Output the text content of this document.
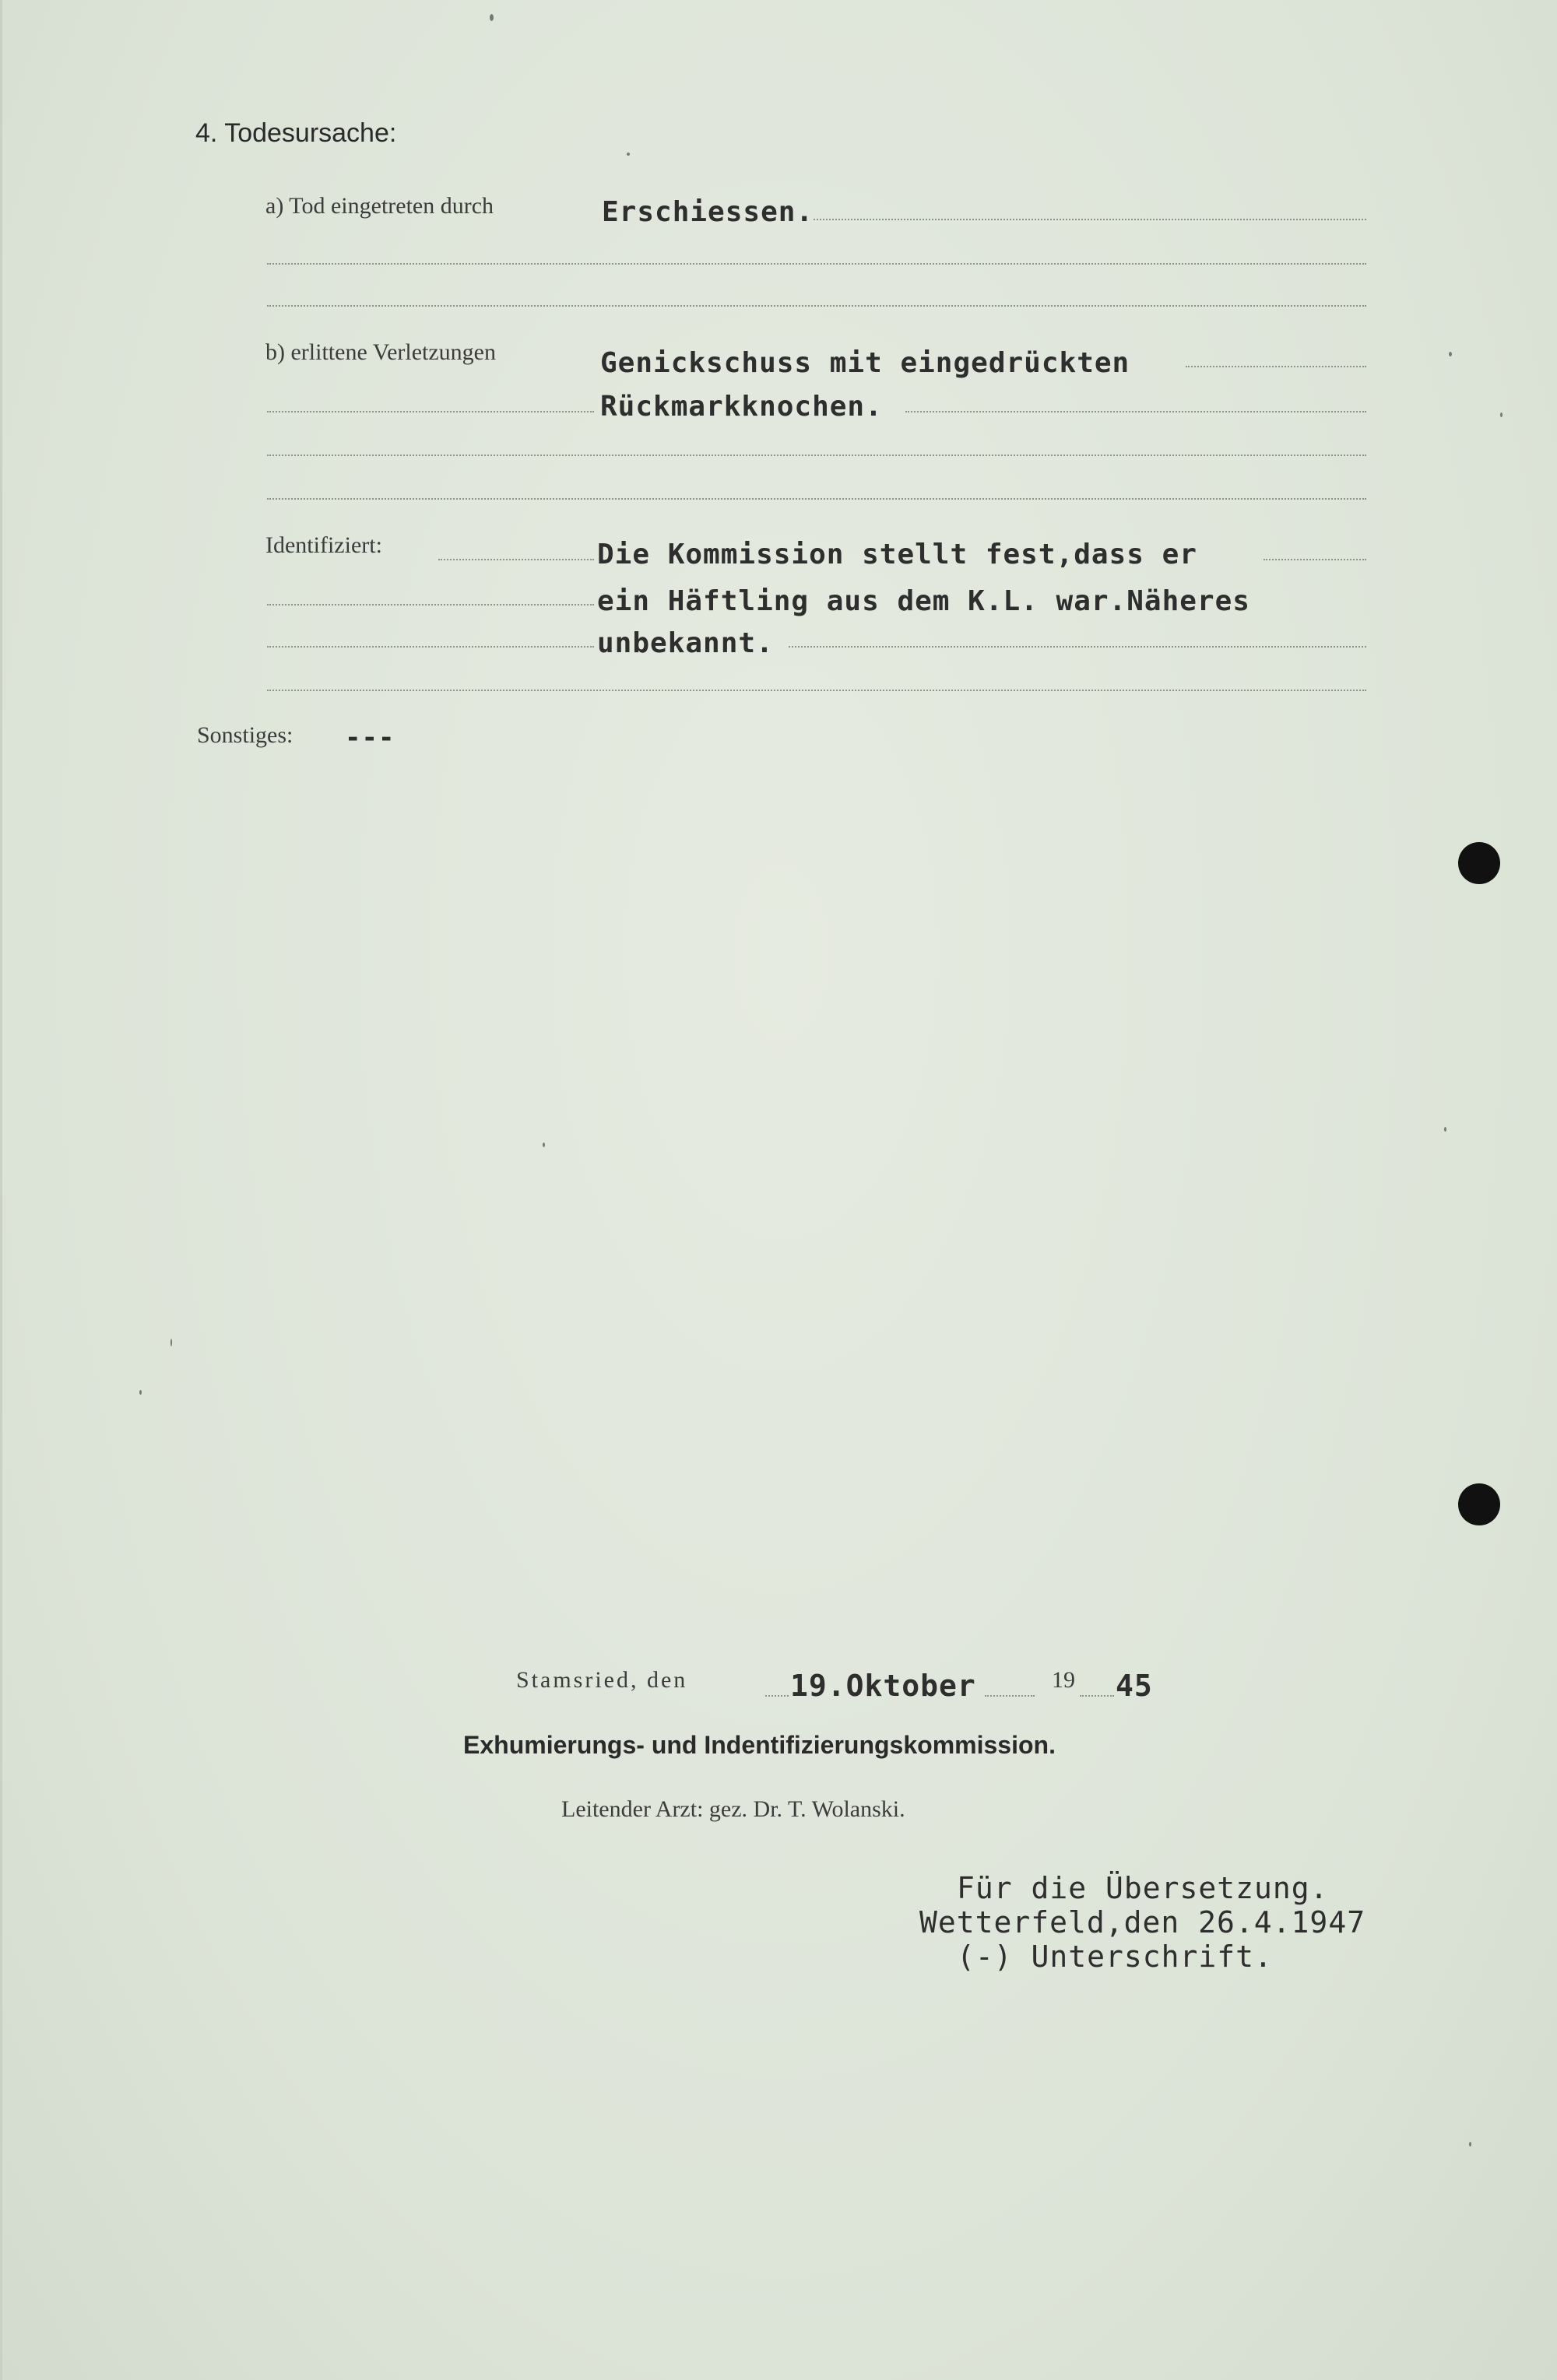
4. Todesursache:
a) Tod eingetreten durch	Erschiessen.
b) erlittene Verletzungen	Genickschuss mit eingedrückten
Rückmarkknochen.
Identifiziert:	Die Kommission stellt fest,dass er
ein Häftling aus dem K.L. war.Näheres
unbekannt.
Sonstiges: ---
Stamsried, den	19.Oktober	19 45
Exhumierungs- und Indentifizierungskommission.
Leitender Arzt: gez. Dr. T. Wolanski.
Für die Übersetzung.
Wetterfeld,den 26.4.1947
(-) Unterschrift.
